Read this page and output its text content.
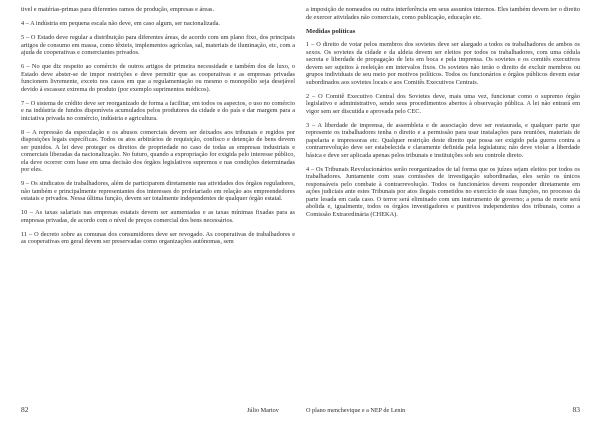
tivel e matérias-primas para diferentes ramos de produção, empresas e áreas.

4 – A indústria em pequena escala não deve, em caso algum, ser nacionalizada.

5 – O Estado deve regular a distribuição para diferentes áreas, de acordo com um plano fixo, dos principais artigos de consumo em massa, como têxteis, implementos agrícolas, sal, materiais de iluminação, etc, com a ajuda de cooperativas e comerciantes privados.

6 – No que diz respeito ao comércio de outros artigos de primeira necessidade e também dos de luxo, o Estado deve abster-se de impor restrições e deve permitir que as cooperativas e as empresas privadas funcionem livremente, exceto nos casos em que a regulamentação ou mesmo o monopólio seja desejável devido à escassez extrema do produto (por exemplo suprimentos médicos).

7 – O sistema de crédito deve ser reorganizado de forma a facilitar, em todos os aspectos, o uso no comércio e na indústria de fundos disponíveis acumulados pelos produtores da cidade e do país e dar margem para a iniciativa privada no comércio, indústria e agricultura.

8 – A repressão da especulação e os abusos comerciais devem ser deixados aos tribunais e regidos por disposições legais específicas. Todos os atos arbitrários de requisição, confisco e detenção de bens devem ser punidos. A lei deve proteger os direitos de propriedade no caso de todas as empresas industriais e comerciais liberadas da nacionalização. No futuro, quando a expropriação for exigida pelo interesse público, ela deve ocorrer com base em uma decisão dos órgãos legislativos supremos e nas condições determinadas por eles.

9 – Os sindicatos de trabalhadores, além de participarem diretamente nas atividades dos órgãos reguladores, não também e principalmente representantes dos interesses do proletariado em relação aos empreendedores estatais e privados. Nessa última função, devem ser totalmente independentes de qualquer órgão estatal.

10 – As taxas salariais nas empresas estatais devem ser aumentadas e as taxas mínimas fixadas para as empresas privadas, de acordo com o nível de preços comercial dos bens necessários.

11 – O decreto sobre as comunas dos consumidores deve ser revogado. As cooperativas de trabalhadores e as cooperativas em geral devem ser preservadas como organizações autônomas, sem

a imposição de nomeados ou outra interferência em seus assuntos internos. Eles também devem ter o direito de exercer atividades não comerciais, como publicação, educação etc.

Medidas políticas

1 – O direito de votar pelos membros dos sovietes deve ser alargado a todos os trabalhadores de ambos os sexos. Os sovietes da cidade e da aldeia devem ser eleitos por todos os trabalhadores, com uma cédula secreta e liberdade de propagação de leis em boca e pela imprensa. Os sovietes e os comitês executivos devem ser sujeitos à reeleição em intervalos fixos. Os sovietes não terão o direito de excluir membros ou grupos individuais de seu meio por motivos políticos. Todos os funcionários e órgãos públicos devem estar subordinados aos sovietes locais e aos Comitês Executivos Centrais.

2 – O Comitê Executivo Central dos Sovietes deve, mais uma vez, funcionar como o supremo órgão legislativo e administrativo, sendo seus procedimentos abertos à observação pública. A lei não entrará em vigor sem ser discutida e aprovada pelo CEC.

3 – A liberdade de imprensa, de assembleia e de associação deve ser restaurada, e qualquer parte que represente os trabalhadores tenha o direito e a permissão para usar instalações para reuniões, materiais de papelaria e impressoras etc. Qualquer restrição deste direito que possa ser exigido pela guerra contra a contrarrevolução deve ser estabelecida e claramente definida pela legislatura; não deve violar a liberdade básica e deve ser aplicada apenas pelos tribunais e instituições sob seu controle direto.

4 – Os Tribunais Revolucionários serão reorganizados de tal forma que os juízes sejam eleitos por todos os trabalhadores. Juntamente com suas comissões de investigação subordinadas, eles serão os únicos responsáveis pelo combate à contrarrevolução. Todos os funcionários devem responder diretamente em ações judiciais ante estes Tribunais por atos ilegais cometidos no exercício de suas funções, no processo da parte lesada em cada caso. O terror será eliminado com um instrumento de governo; a pena de morte será abolida e, igualmente, todos os órgãos investigadores e punitivos independentes dos tribunais, como a Comissão Extraordinária (CHEKA).

82	Júlio Martov	O plano menchevique e a NEP de Lenin	83
